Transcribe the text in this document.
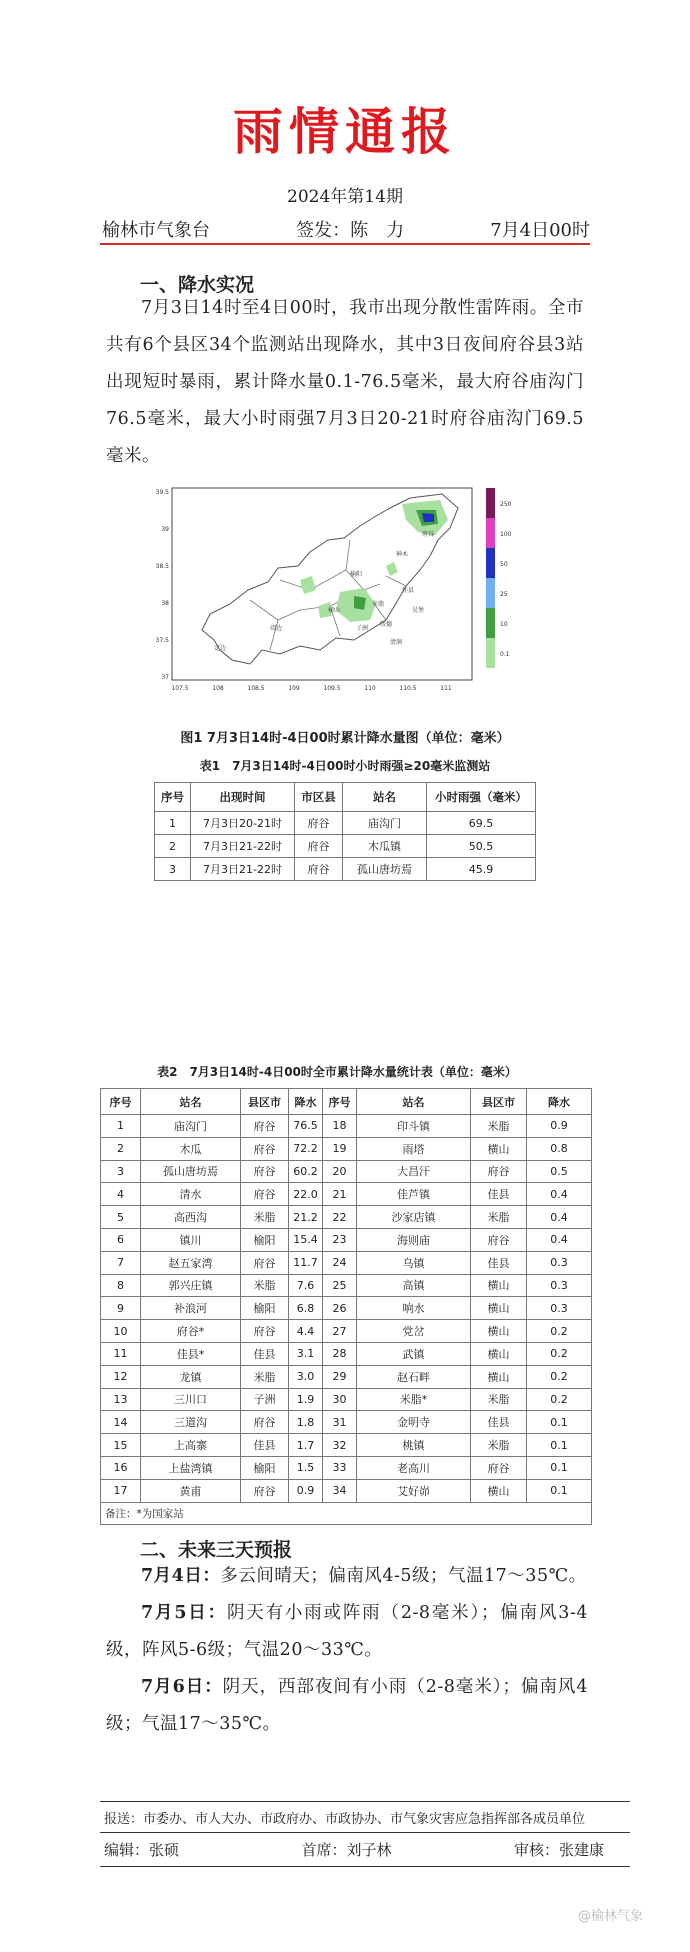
雨情通报
2024年第14期
榆林市气象台	签发：陈　力	7月4日00时
一、降水实况
7月3日14时至4日00时，我市出现分散性雷阵雨。全市共有6个县区34个监测站出现降水，其中3日夜间府谷县3站出现短时暴雨，累计降水量0.1-76.5毫米，最大府谷庙沟门76.5毫米，最大小时雨强7月3日20-21时府谷庙沟门69.5毫米。
府谷
神木
榆阳
佳县
横山
米脂
靖边	子洲
绥德
定边
吴堡
清涧
39.5
39
38.5
38
37.5
37
107.5	108	108.5	109	109.5	110	110.5	111
250
100
50
25
10
0.1
图1 7月3日14时-4日00时累计降水量图（单位：毫米）
表1　7月3日14时-4日00时小时雨强≥20毫米监测站
序号	出现时间	市区县	站名	小时雨强（毫米）
1	7月3日20-21时	府谷	庙沟门	69.5
2	7月3日21-22时	府谷	木瓜镇	50.5
3	7月3日21-22时	府谷	孤山唐坊焉	45.9
表2　7月3日14时-4日00时全市累计降水量统计表（单位：毫米）
序号	站名	县区市	降水	序号	站名	县区市	降水
1	庙沟门	府谷	76.5	18	印斗镇	米脂	0.9
2	木瓜	府谷	72.2	19	雨塔	横山	0.8
3	孤山唐坊焉	府谷	60.2	20	大昌汗	府谷	0.5
4	清水	府谷	22.0	21	佳芦镇	佳县	0.4
5	高西沟	米脂	21.2	22	沙家店镇	米脂	0.4
6	镇川	榆阳	15.4	23	海则庙	府谷	0.4
7	赵五家湾	府谷	11.7	24	乌镇	佳县	0.3
8	郭兴庄镇	米脂	7.6	25	高镇	横山	0.3
9	补浪河	榆阳	6.8	26	响水	横山	0.3
10	府谷*	府谷	4.4	27	党岔	横山	0.2
11	佳县*	佳县	3.1	28	武镇	横山	0.2
12	龙镇	米脂	3.0	29	赵石畔	横山	0.2
13	三川口	子洲	1.9	30	米脂*	米脂	0.2
14	三道沟	府谷	1.8	31	金明寺	佳县	0.1
15	上高寨	佳县	1.7	32	桃镇	米脂	0.1
16	上盐湾镇	榆阳	1.5	33	老高川	府谷	0.1
17	黄甫	府谷	0.9	34	艾好峁	横山	0.1
备注：*为国家站							
二、未来三天预报
7月4日：多云间晴天；偏南风4-5级；气温17～35℃。
7月5日：阴天有小雨或阵雨（2-8毫米）；偏南风3-4级，阵风5-6级；气温20～33℃。
7月6日：阴天，西部夜间有小雨（2-8毫米）；偏南风4级；气温17～35℃。
报送：市委办、市人大办、市政府办、市政协办、市气象灾害应急指挥部各成员单位
编辑：张硕	首席：刘子林	审核：张建康
@榆林气象
